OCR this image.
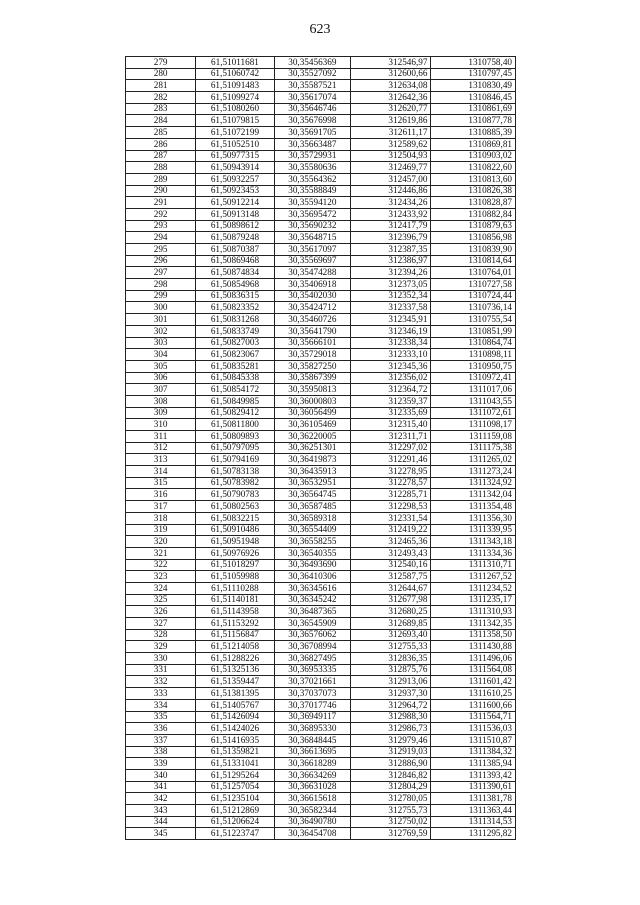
623
279	61,51011681	30,35456369	312546,97	1310758,40
280	61,51060742	30,35527092	312600,66	1310797,45
281	61,51091483	30,35587521	312634,08	1310830,49
282	61,51099274	30,35617074	312642,36	1310846,45
283	61,51080260	30,35646746	312620,77	1310861,69
284	61,51079815	30,35676998	312619,86	1310877,78
285	61,51072199	30,35691705	312611,17	1310885,39
286	61,51052510	30,35663487	312589,62	1310869,81
287	61,50977315	30,35729931	312504,93	1310903,02
288	61,50943914	30,35580636	312469,77	1310822,60
289	61,50932257	30,35564362	312457,00	1310813,60
290	61,50923453	30,35588849	312446,86	1310826,38
291	61,50912214	30,35594120	312434,26	1310828,87
292	61,50913148	30,35695472	312433,92	1310882,84
293	61,50898612	30,35690232	312417,79	1310879,63
294	61,50879248	30,35648715	312396,79	1310856,98
295	61,50870387	30,35617097	312387,35	1310839,90
296	61,50869468	30,35569697	312386,97	1310814,64
297	61,50874834	30,35474288	312394,26	1310764,01
298	61,50854968	30,35406918	312373,05	1310727,58
299	61,50836315	30,35402030	312352,34	1310724,44
300	61,50823352	30,35424712	312337,58	1310736,14
301	61,50831268	30,35460726	312345,91	1310755,54
302	61,50833749	30,35641790	312346,19	1310851,99
303	61,50827003	30,35666101	312338,34	1310864,74
304	61,50823067	30,35729018	312333,10	1310898,11
305	61,50835281	30,35827250	312345,36	1310950,75
306	61,50845338	30,35867399	312356,02	1310972,41
307	61,50854172	30,35950813	312364,72	1311017,06
308	61,50849985	30,36000803	312359,37	1311043,55
309	61,50829412	30,36056499	312335,69	1311072,61
310	61,50811800	30,36105469	312315,40	1311098,17
311	61,50809893	30,36220005	312311,71	1311159,08
312	61,50797095	30,36251301	312297,02	1311175,38
313	61,50794169	30,36419873	312291,46	1311265,02
314	61,50783138	30,36435913	312278,95	1311273,24
315	61,50783982	30,36532951	312278,57	1311324,92
316	61,50790783	30,36564745	312285,71	1311342,04
317	61,50802563	30,36587485	312298,53	1311354,48
318	61,50832215	30,36589318	312331,54	1311356,30
319	61,50910486	30,36554409	312419,22	1311339,95
320	61,50951948	30,36558255	312465,36	1311343,18
321	61,50976926	30,36540355	312493,43	1311334,36
322	61,51018297	30,36493690	312540,16	1311310,71
323	61,51059988	30,36410306	312587,75	1311267,52
324	61,51110288	30,36345616	312644,67	1311234,52
325	61,51140181	30,36345242	312677,98	1311235,17
326	61,51143958	30,36487365	312680,25	1311310,93
327	61,51153292	30,36545909	312689,85	1311342,35
328	61,51156847	30,36576062	312693,40	1311358,50
329	61,51214058	30,36708994	312755,33	1311430,88
330	61,51288226	30,36827495	312836,35	1311496,06
331	61,51325136	30,36953335	312875,76	1311564,08
332	61,51359447	30,37021661	312913,06	1311601,42
333	61,51381395	30,37037073	312937,30	1311610,25
334	61,51405767	30,37017746	312964,72	1311600,66
335	61,51426094	30,36949117	312988,30	1311564,71
336	61,51424026	30,36895330	312986,73	1311536,03
337	61,51416935	30,36848445	312979,46	1311510,87
338	61,51359821	30,36613695	312919,03	1311384,32
339	61,51331041	30,36618289	312886,90	1311385,94
340	61,51295264	30,36634269	312846,82	1311393,42
341	61,51257054	30,36631028	312804,29	1311390,61
342	61,51235104	30,36615618	312780,05	1311381,78
343	61,51212869	30,36582344	312755,73	1311363,44
344	61,51206624	30,36490780	312750,02	1311314,53
345	61,51223747	30,36454708	312769,59	1311295,82
